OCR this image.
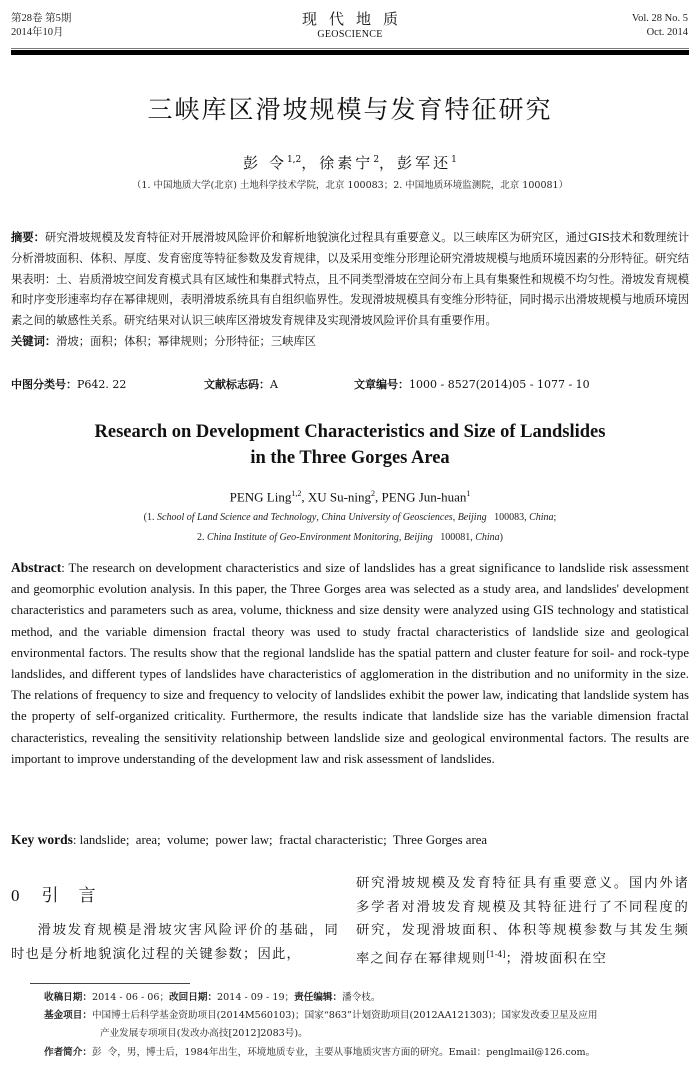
第28卷 第5期
2014年10月
现代地质
GEOSCIENCE
Vol. 28 No. 5
Oct. 2014
三峡库区滑坡规模与发育特征研究
彭 令$^{1,2}$，徐素宁$^2$，彭军还$^1$
（1. 中国地质大学(北京) 土地科学技术学院，北京 100083；2. 中国地质环境监测院，北京 100081）
摘要：研究滑坡规模及发育特征对开展滑坡风险评价和解析地貌演化过程具有重要意义。以三峡库区为研究区，通过GIS技术和数理统计分析滑坡面积、体积、厚度、发育密度等特征参数及发育规律，以及采用变维分形理论研究滑坡规模与地质环境因素的分形特征。研究结果表明：土、岩质滑坡空间发育模式具有区域性和集群式特点，且不同类型滑坡在空间分布上具有集聚性和规模不均匀性。滑坡发育规模和时序变形速率均存在幂律规则，表明滑坡系统具有自组织临界性。发现滑坡规模具有变维分形特征，同时揭示出滑坡规模与地质环境因素之间的敏感性关系。研究结果对认识三峡库区滑坡发育规律及实现滑坡风险评价具有重要作用。
关键词：滑坡；面积；体积；幂律规则；分形特征；三峡库区
中图分类号：P642. 22	文献标志码：A	文章编号：1000 - 8527(2014)05 - 1077 - 10
Research on Development Characteristics and Size of Landslides
in the Three Gorges Area
PENG Ling$^{1,2}$, XU Su-ning$^2$, PENG Jun-huan$^1$
(1. School of Land Science and Technology, China University of Geosciences, Beijing   100083, China;
2. China Institute of Geo-Environment Monitoring, Beijing   100081, China)
Abstract: The research on development characteristics and size of landslides has a great significance to landslide risk assessment and geomorphic evolution analysis. In this paper, the Three Gorges area was selected as a study area, and landslides' development characteristics and parameters such as area, volume, thickness and size density were analyzed using GIS technology and statistical method, and the variable dimension fractal theory was used to study fractal characteristics of landslide size and geological environmental factors. The results show that the regional landslide has the spatial pattern and cluster feature for soil- and rock-type landslides, and different types of landslides have characteristics of agglomeration in the distribution and no uniformity in the size. The relations of frequency to size and frequency to velocity of landslides exhibit the power law, indicating that landslide system has the property of self-organized criticality. Furthermore, the results indicate that landslide size has the variable dimension fractal characteristics, revealing the sensitivity relationship between landslide size and geological environmental factors. The results are important to improve understanding of the development law and risk assessment of landslides.
Key words: landslide;  area;  volume;  power law;  fractal characteristic;  Three Gorges area
0 引言
滑坡发育规模是滑坡灾害风险评价的基础，同时也是分析地貌演化过程的关键参数；因此，
研究滑坡规模及发育特征具有重要意义。国内外诸多学者对滑坡发育规模及其特征进行了不同程度的研究，发现滑坡面积、体积等规模参数与其发生频率之间存在幂律规则[1-4]；滑坡面积在空
收稿日期：2014 - 06 - 06；改回日期：2014 - 09 - 19；责任编辑：潘令枝。
基金项目：中国博士后科学基金资助项目(2014M560103)；国家“863”计划资助项目(2012AA121303)；国家发改委卫星及应用
产业发展专项项目(发改办高技[2012]2083号)。
作者简介：彭  令，男，博士后，1984年出生，环境地质专业，主要从事地质灾害方面的研究。Email：penglmail@126.com。
